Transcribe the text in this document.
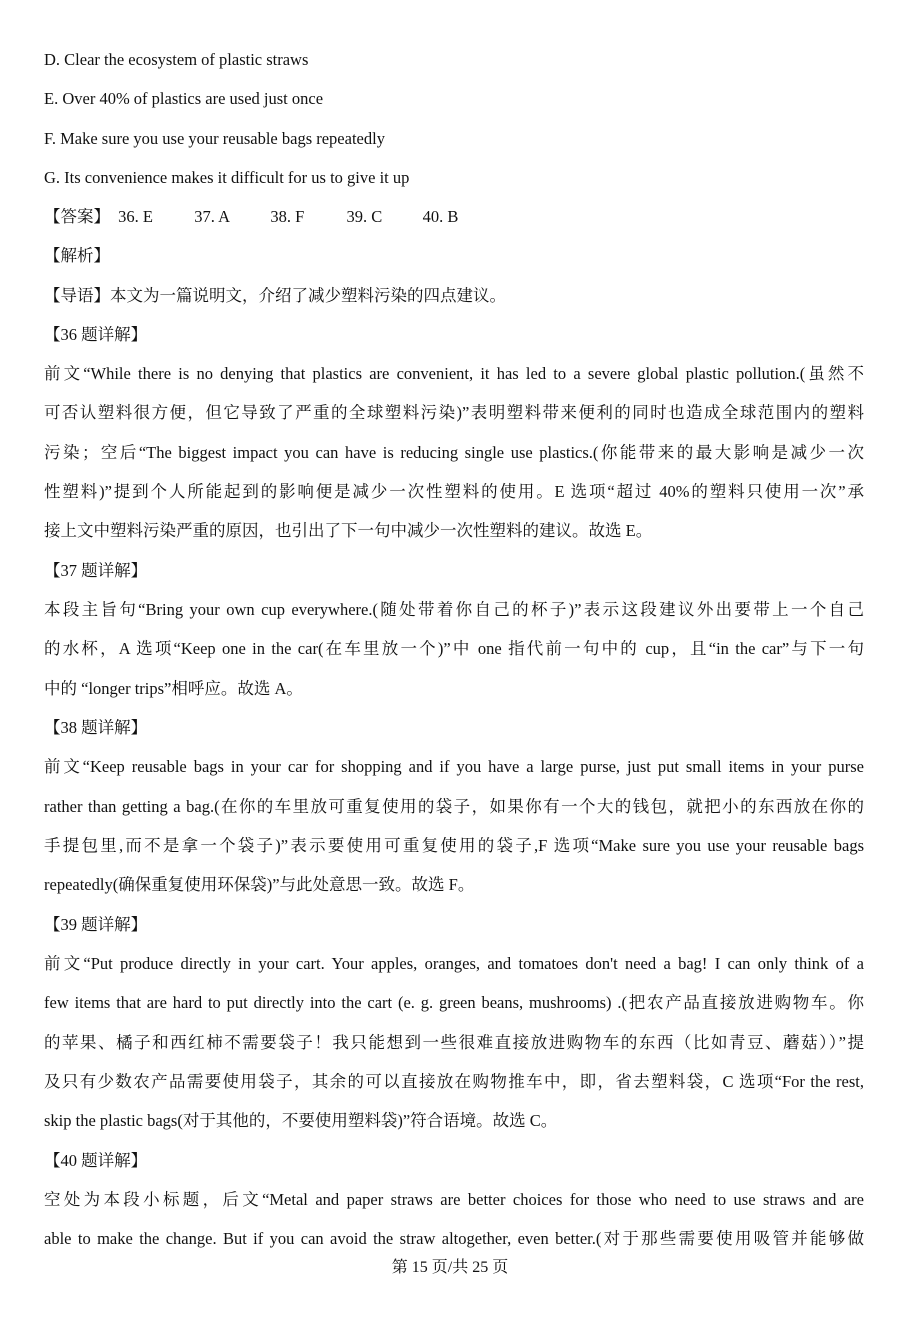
D. Clear the ecosystem of plastic straws
E. Over 40% of plastics are used just once
F. Make sure you use your reusable bags repeatedly
G. Its convenience makes it difficult for us to give it up
【答案】 36. E	37. A 38. F	39. C 40. B
【解析】
【导语】本文为一篇说明文，介绍了减少塑料污染的四点建议。
【36 题详解】
前文“While there is no denying that plastics are convenient, it has led to a severe global plastic pollution.(虽然不
可否认塑料很方便，但它导致了严重的全球塑料污染)”表明塑料带来便利的同时也造成全球范围内的塑料
污染；空后“The biggest impact you can have is reducing single use plastics.(你能带来的最大影响是减少一次
性塑料)”提到个人所能起到的影响便是减少一次性塑料的使用。E 选项“超过 40%的塑料只使用一次”承
接上文中塑料污染严重的原因，也引出了下一句中减少一次性塑料的建议。故选 E。
【37 题详解】
本段主旨句“Bring your own cup everywhere.(随处带着你自己的杯子)”表示这段建议外出要带上一个自己
的水杯，A 选项“Keep one in the car(在车里放一个)”中 one 指代前一句中的 cup，且“in the car”与下一句
中的 “longer trips”相呼应。故选 A。
【38 题详解】
前文“Keep reusable bags in your car for shopping and if you have a large purse, just put small items in your purse
rather than getting a bag.(在你的车里放可重复使用的袋子，如果你有一个大的钱包，就把小的东西放在你的
手提包里,而不是拿一个袋子)”表示要使用可重复使用的袋子,F 选项“Make sure you use your reusable bags
repeatedly(确保重复使用环保袋)”与此处意思一致。故选 F。
【39 题详解】
前文“Put produce directly in your cart. Your apples, oranges, and tomatoes don't need a bag! I can only think of a
few items that are hard to put directly into the cart (e. g. green beans, mushrooms) .(把农产品直接放进购物车。你
的苹果、橘子和西红柿不需要袋子！我只能想到一些很难直接放进购物车的东西（比如青豆、蘑菇））”提
及只有少数农产品需要使用袋子，其余的可以直接放在购物推车中，即，省去塑料袋，C 选项“For the rest,
skip the plastic bags(对于其他的，不要使用塑料袋)”符合语境。故选 C。
【40 题详解】
空处为本段小标题，后文“Metal and paper straws are better choices for those who need to use straws and are
able to make the change. But if you can avoid the straw altogether, even better.(对于那些需要使用吸管并能够做
第 15 页/共 25 页
